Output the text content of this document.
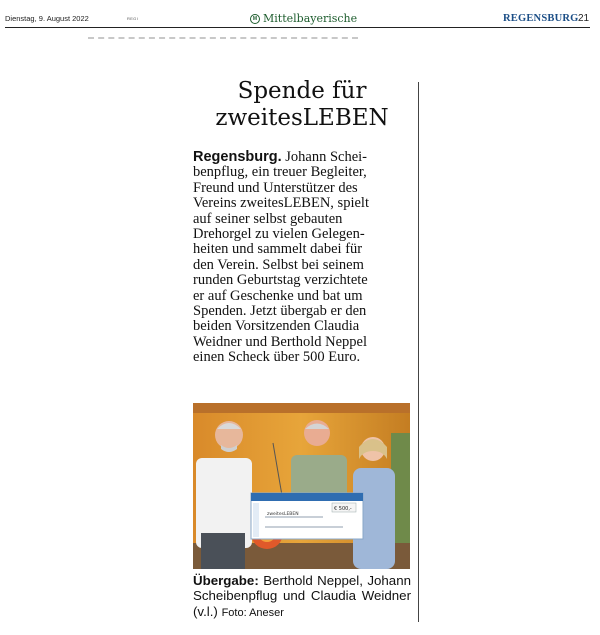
Dienstag, 9. August 2022	REGI	M Mittelbayerische	REGENSBURG 21
Spende für
zweitesLEBEN
Regensburg. Johann Schei-
benpflug, ein treuer Begleiter,
Freund und Unterstützer des
Vereins zweitesLEBEN, spielt
auf seiner selbst gebauten
Drehorgel zu vielen Gelegen-
heiten und sammelt dabei für
den Verein. Selbst bei seinem
runden Geburtstag verzichtete
er auf Geschenke und bat um
Spenden. Jetzt übergab er den
beiden Vorsitzenden Claudia
Weidner und Berthold Neppel
einen Scheck über 500 Euro.
zweitesLEBEN
€ 500,-
Übergabe: Berthold Neppel, Johann Scheibenpflug und Claudia Weidner (v.l.) Foto: Aneser
